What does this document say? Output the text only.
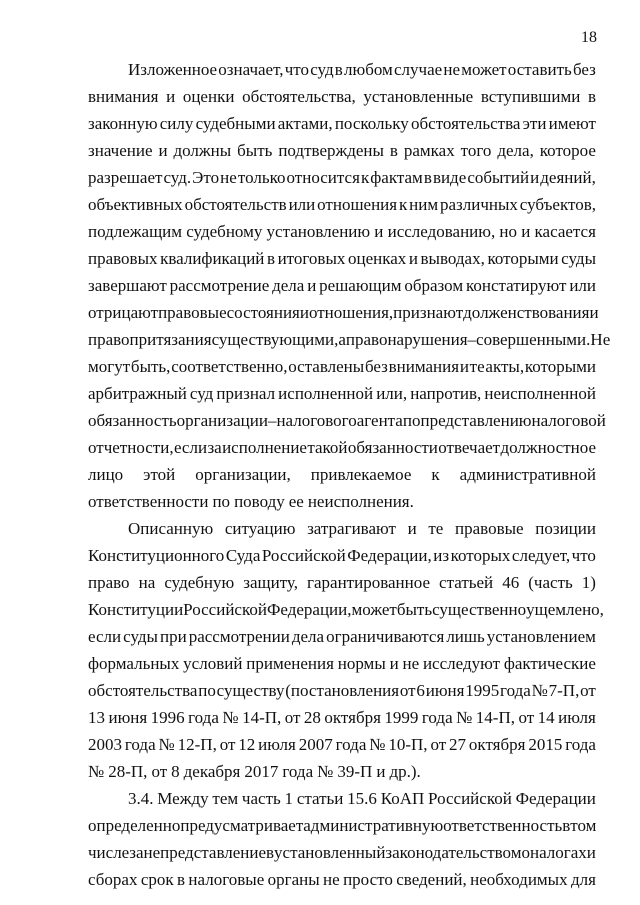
18
Изложенное означает, что суд в любом случае не может оставить без
внимания и оценки обстоятельства, установленные вступившими в
законную силу судебными актами, поскольку обстоятельства эти имеют
значение и должны быть подтверждены в рамках того дела, которое
разрешает суд. Это не только относится к фактам в виде событий и деяний,
объективных обстоятельств или отношения к ним различных субъектов,
подлежащим судебному установлению и исследованию, но и касается
правовых квалификаций в итоговых оценках и выводах, которыми суды
завершают рассмотрение дела и решающим образом констатируют или
отрицают правовые состояния и отношения, признают долженствования и
правопритязания существующими, а правонарушения – совершенными. Не
могут быть, соответственно, оставлены без внимания и те акты, которыми
арбитражный суд признал исполненной или, напротив, неисполненной
обязанность организации – налогового агента по представлению налоговой
отчетности, если за исполнение такой обязанности отвечает должностное
лицо этой организации, привлекаемое к административной
ответственности по поводу ее неисполнения.
Описанную ситуацию затрагивают и те правовые позиции
Конституционного Суда Российской Федерации, из которых следует, что
право на судебную защиту, гарантированное статьей 46 (часть 1)
Конституции Российской Федерации, может быть существенно ущемлено,
если суды при рассмотрении дела ограничиваются лишь установлением
формальных условий применения нормы и не исследуют фактические
обстоятельства по существу (постановления от 6 июня 1995 года № 7-П, от
13 июня 1996 года № 14-П, от 28 октября 1999 года № 14-П, от 14 июля
2003 года № 12-П, от 12 июля 2007 года № 10-П, от 27 октября 2015 года
№ 28-П, от 8 декабря 2017 года № 39-П и др.).
3.4. Между тем часть 1 статьи 15.6 КоАП Российской Федерации
определенно предусматривает административную ответственность в том
числе за непредставление в установленный законодательством о налогах и
сборах срок в налоговые органы не просто сведений, необходимых для
